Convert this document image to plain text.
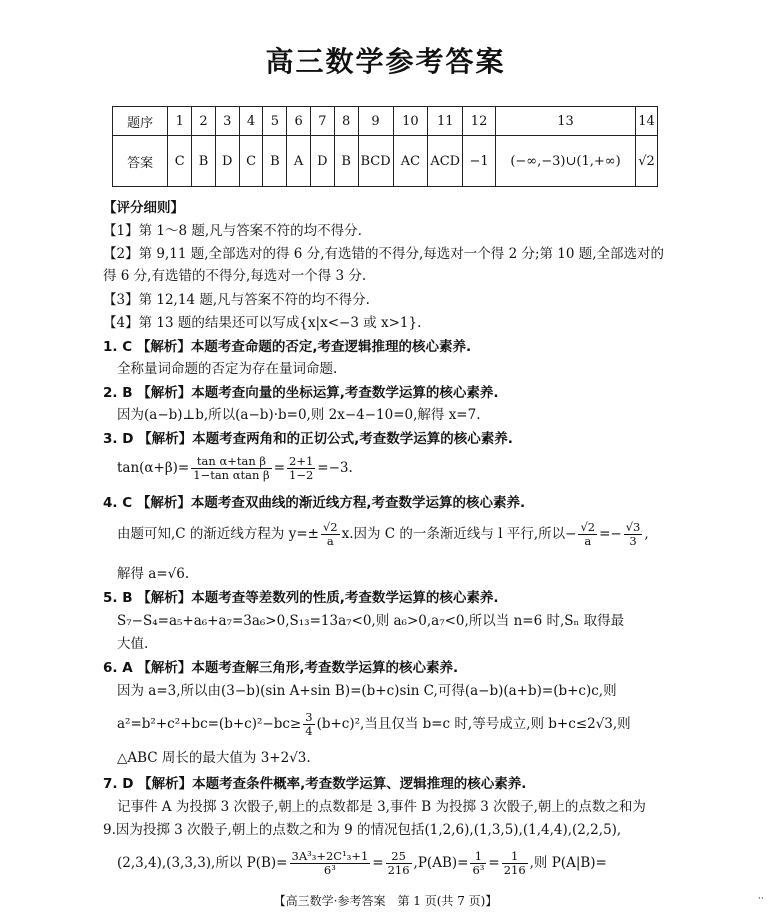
高三数学参考答案
题序	1	2	3	4	5	6	7	8	9	10	11	12	13	14
答案	C	B	D	C	B	A	D	B	BCD	AC	ACD	−1	(−∞,−3)∪(1,+∞)	√2
【评分细则】
【1】第 1～8 题,凡与答案不符的均不得分.
【2】第 9,11 题,全部选对的得 6 分,有选错的不得分,每选对一个得 2 分;第 10 题,全部选对的
得 6 分,有选错的不得分,每选对一个得 3 分.
【3】第 12,14 题,凡与答案不符的均不得分.
【4】第 13 题的结果还可以写成{x|x<−3 或 x>1}.
1. C 【解析】本题考查命题的否定,考查逻辑推理的核心素养.
全称量词命题的否定为存在量词命题.
2. B 【解析】本题考查向量的坐标运算,考查数学运算的核心素养.
因为(a−b)⊥b,所以(a−b)·b=0,则 2x−4−10=0,解得 x=7.
3. D 【解析】本题考查两角和的正切公式,考查数学运算的核心素养.
$\tan(\alpha+\beta)= \frac{\text{tan α+tan β}}{\text{1−tan αtan β}} = \frac{2+1}{1-2} =-3$.
4. C 【解析】本题考查双曲线的渐近线方程,考查数学运算的核心素养.
由题可知,C 的渐近线方程为 $y=\pm \frac{√2}{a} x$.因为 C 的一条渐近线与 l 平行,所以− $\frac{√2}{a} =- \frac{√3}{3}$ ,
解得 a=√6.
5. B 【解析】本题考查等差数列的性质,考查数学运算的核心素养.
S₇−S₄=a₅+a₆+a₇=3a₆>0,S₁₃=13a₇<0,则 a₆>0,a₇<0,所以当 n=6 时,Sₙ 取得最
大值.
6. A 【解析】本题考查解三角形,考查数学运算的核心素养.
因为 a=3,所以由(3−b)(sin A+sin B)=(b+c)sin C,可得(a−b)(a+b)=(b+c)c,则
$a^2=b^2+c^2+bc=(b+c)^2-bc\ge \frac{3}{4} (b+c)^2$,当且仅当 b=c 时,等号成立,则 b+c≤2√3,则
△ABC 周长的最大值为 3+2√3.
7. D 【解析】本题考查条件概率,考查数学运算、逻辑推理的核心素养.
记事件 A 为投掷 3 次骰子,朝上的点数都是 3,事件 B 为投掷 3 次骰子,朝上的点数之和为
9.因为投掷 3 次骰子,朝上的点数之和为 9 的情况包括(1,2,6),(1,3,5),(1,4,4),(2,2,5),
(2,3,4),(3,3,3),所以 $P(B)= \frac{\text{3A³₃+2C¹₃+1}}{\text{6³}} = \frac{25}{216} ,P(AB)= \frac{1}{\text{6³}} = \frac{1}{216}$ ,则 P(A|B)=
【高三数学·参考答案　第 1 页(共 7 页)】	··
